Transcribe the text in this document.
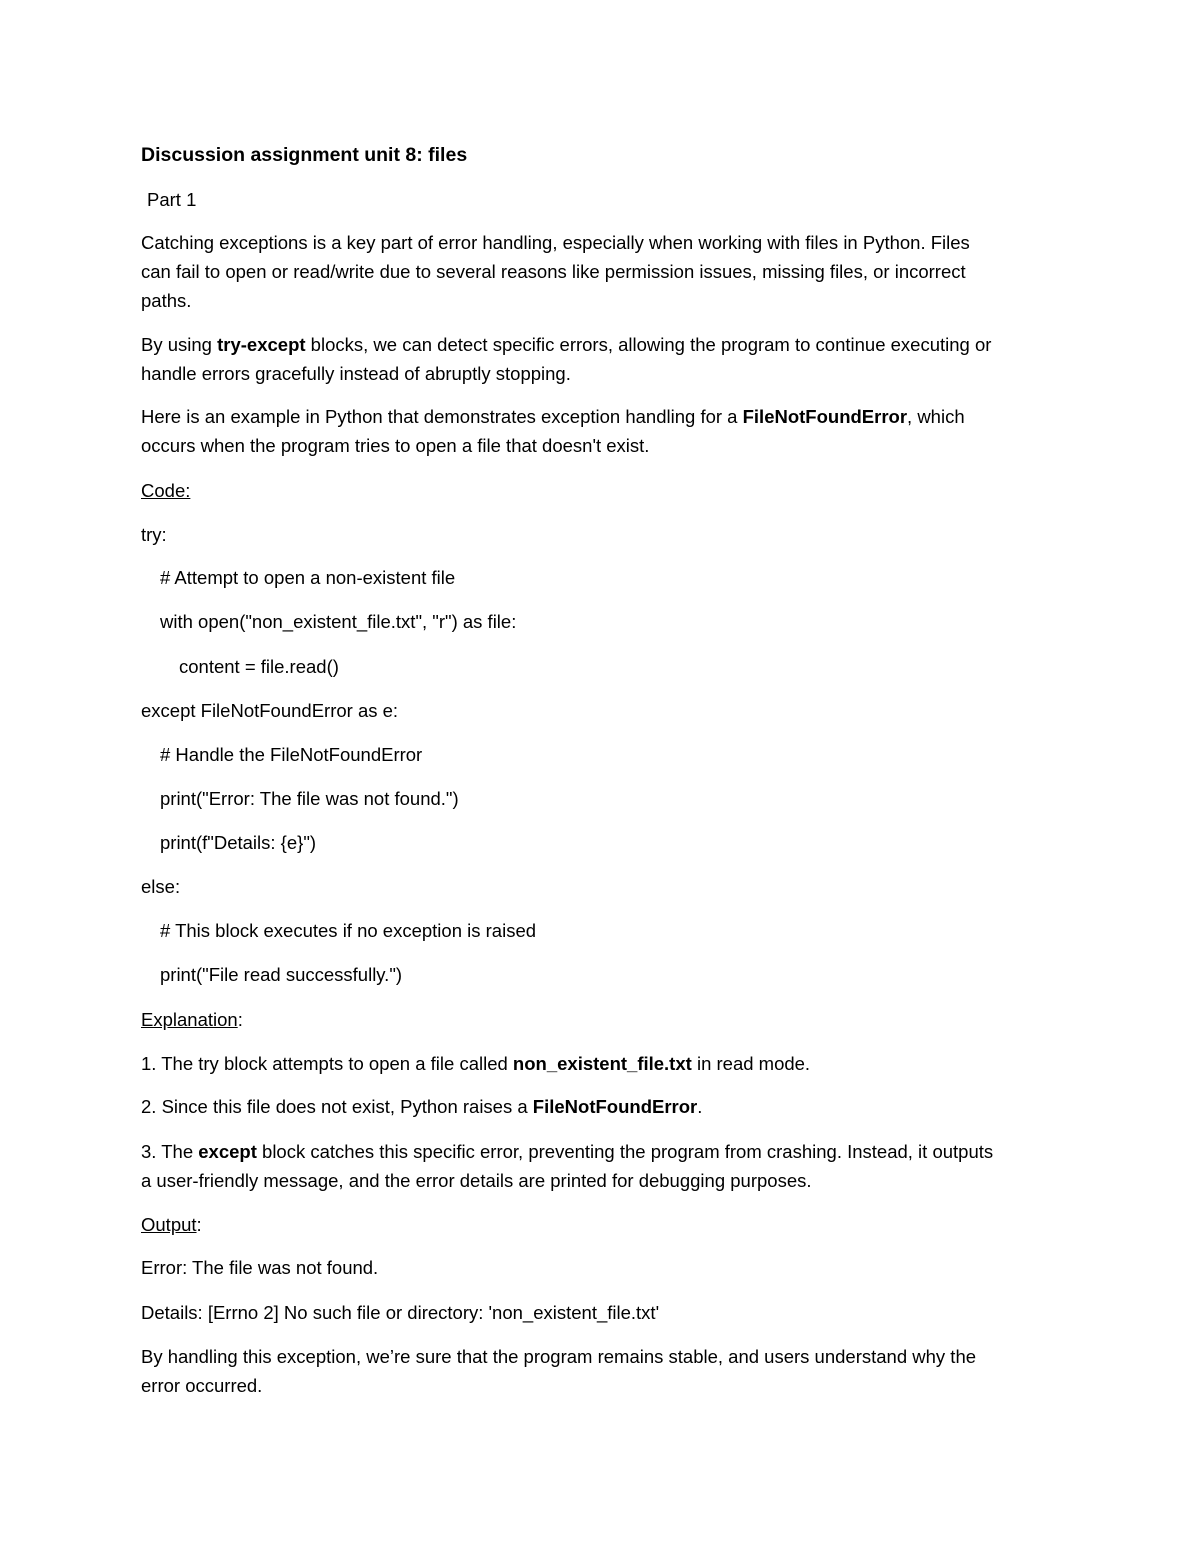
Discussion assignment unit 8: files
Part 1
Catching exceptions is a key part of error handling, especially when working with files in Python. Files
can fail to open or read/write due to several reasons like permission issues, missing files, or incorrect
paths.
By using try-except blocks, we can detect specific errors, allowing the program to continue executing or
handle errors gracefully instead of abruptly stopping.
Here is an example in Python that demonstrates exception handling for a FileNotFoundError, which
occurs when the program tries to open a file that doesn't exist.
Code:
try:
# Attempt to open a non-existent file
with open("non_existent_file.txt", "r") as file:
content = file.read()
except FileNotFoundError as e:
# Handle the FileNotFoundError
print("Error: The file was not found.")
print(f"Details: {e}")
else:
# This block executes if no exception is raised
print("File read successfully.")
Explanation:
1. The try block attempts to open a file called non_existent_file.txt in read mode.
2. Since this file does not exist, Python raises a FileNotFoundError.
3. The except block catches this specific error, preventing the program from crashing. Instead, it outputs
a user-friendly message, and the error details are printed for debugging purposes.
Output:
Error: The file was not found.
Details: [Errno 2] No such file or directory: 'non_existent_file.txt'
By handling this exception, we’re sure that the program remains stable, and users understand why the
error occurred.
